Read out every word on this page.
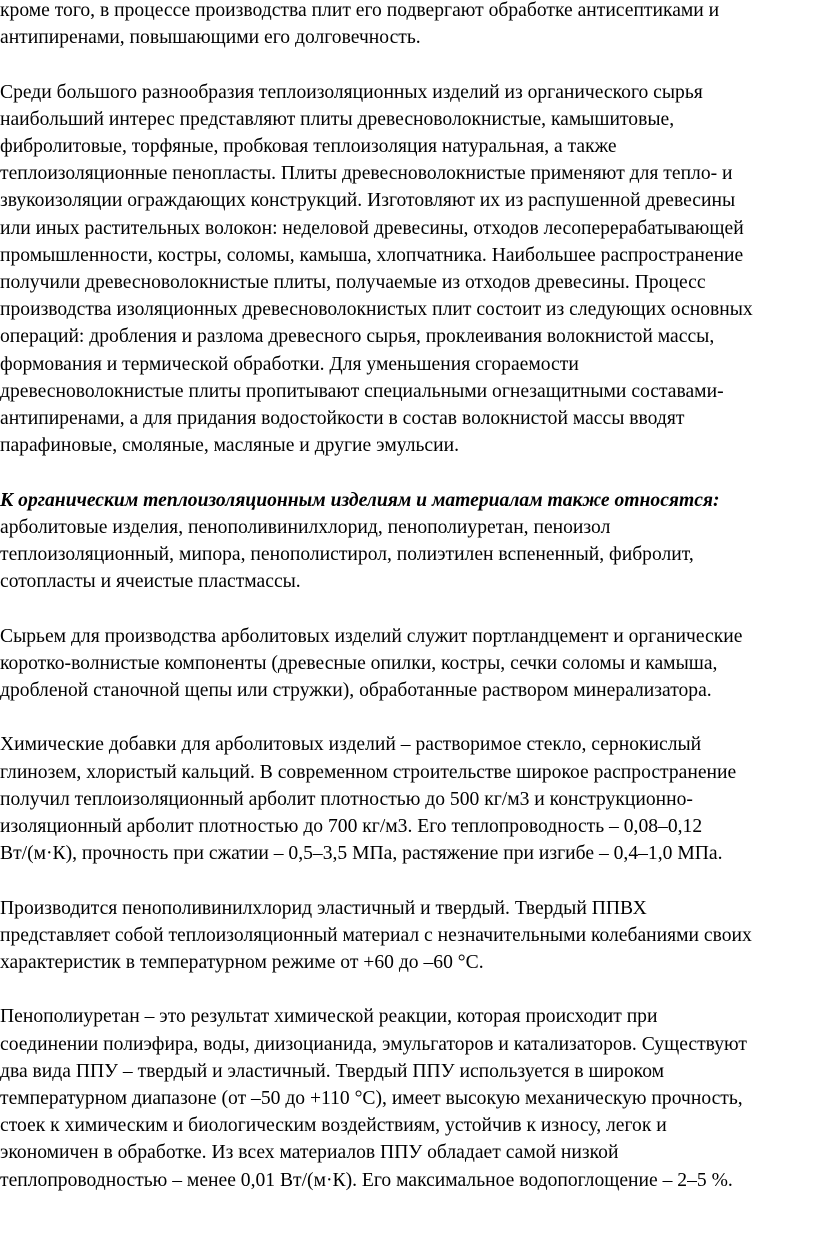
кроме того, в процессе производства плит его подвергают обработке антисептиками и
антипиренами, повышающими его долговечность.

Среди большого разнообразия теплоизоляционных изделий из органического сырья
наибольший интерес представляют плиты древесноволокнистые, камышитовые,
фибролитовые, торфяные, пробковая теплоизоляция натуральная, а также
теплоизоляционные пенопласты. Плиты древесноволокнистые применяют для тепло- и
звукоизоляции ограждающих конструкций. Изготовляют их из распушенной древесины
или иных растительных волокон: неделовой древесины, отходов лесоперерабатывающей
промышленности, костры, соломы, камыша, хлопчатника. Наибольшее распространение
получили древесноволокнистые плиты, получаемые из отходов древесины. Процесс
производства изоляционных древесноволокнистых плит состоит из следующих основных
операций: дробления и разлома древесного сырья, проклеивания волокнистой массы,
формования и термической обработки. Для уменьшения сгораемости
древесноволокнистые плиты пропитывают специальными огнезащитными составами-
антипиренами, а для придания водостойкости в состав волокнистой массы вводят
парафиновые, смоляные, масляные и другие эмульсии.

К органическим теплоизоляционным изделиям и материалам также относятся:
арболитовые изделия, пенополивинилхлорид, пенополиуретан, пеноизол
теплоизоляционный, мипора, пенополистирол, полиэтилен вспененный, фибролит,
сотопласты и ячеистые пластмассы.

Сырьем для производства арболитовых изделий служит портландцемент и органические
коротко-волнистые компоненты (древесные опилки, костры, сечки соломы и камыша,
дробленой станочной щепы или стружки), обработанные раствором минерализатора.

Химические добавки для арболитовых изделий – растворимое стекло, сернокислый
глинозем, хлористый кальций. В современном строительстве широкое распространение
получил теплоизоляционный арболит плотностью до 500 кг/м3 и конструкционно-
изоляционный арболит плотностью до 700 кг/м3. Его теплопроводность – 0,08–0,12
Вт/(м·К), прочность при сжатии – 0,5–3,5 МПа, растяжение при изгибе – 0,4–1,0 МПа.

Производится пенополивинилхлорид эластичный и твердый. Твердый ППВХ
представляет собой теплоизоляционный материал с незначительными колебаниями своих
характеристик в температурном режиме от +60 до –60 °С.

Пенополиуретан – это результат химической реакции, которая происходит при
соединении полиэфира, воды, диизоцианида, эмульгаторов и катализаторов. Существуют
два вида ППУ – твердый и эластичный. Твердый ППУ используется в широком
температурном диапазоне (от –50 до +110 °С), имеет высокую механическую прочность,
стоек к химическим и биологическим воздействиям, устойчив к износу, легок и
экономичен в обработке. Из всех материалов ППУ обладает самой низкой
теплопроводностью – менее 0,01 Вт/(м·К). Его максимальное водопоглощение – 2–5 %.
